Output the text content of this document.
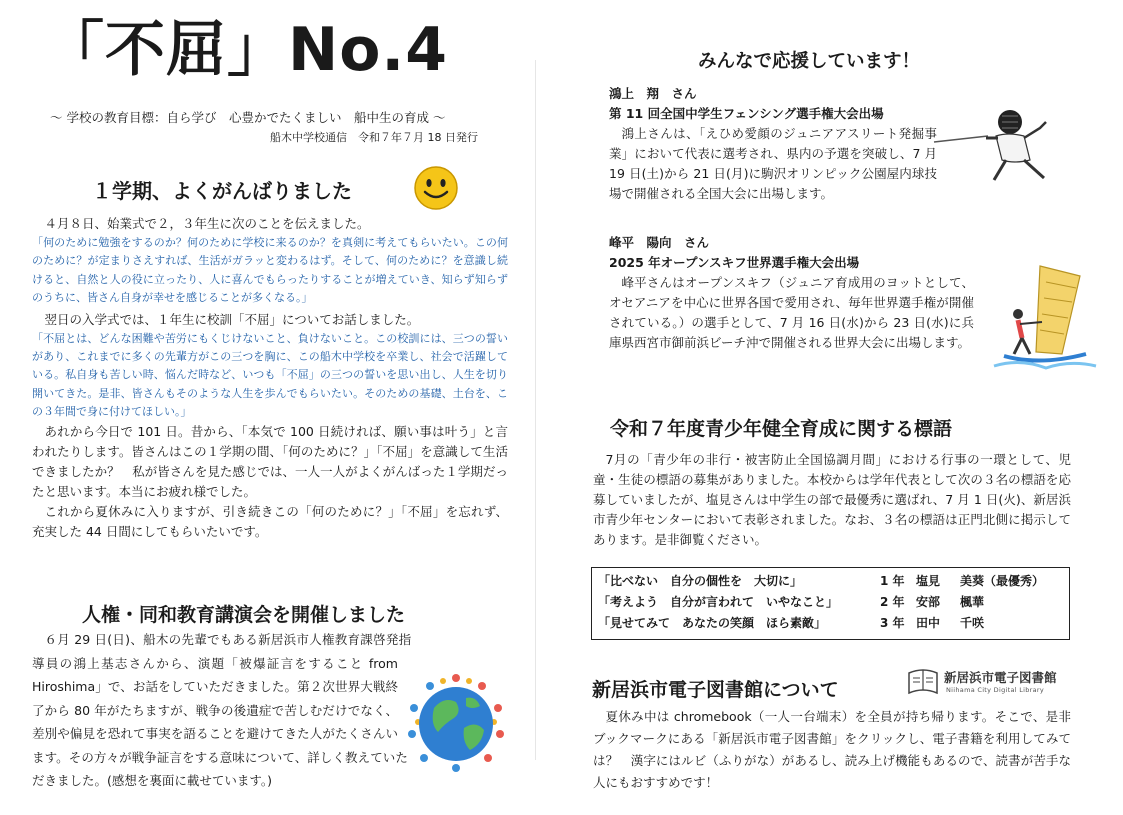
「不屈」No.4
～ 学校の教育目標：自ら学び　心豊かでたくましい　船中生の育成 ～
船木中学校通信　令和７年７月 18 日発行
１学期、よくがんばりました

４月８日、始業式で２，３年生に次のことを伝えました。

「何のために勉強をするのか？何のために学校に来るのか？を真剣に考えてもらいたい。この何のために？が定まりさえすれば、生活がガラッと変わるはず。そして、何のために？を意識し続けると、自然と人の役に立ったり、人に喜んでもらったりすることが増えていき、知らず知らずのうちに、皆さん自身が幸せを感じることが多くなる。」

翌日の入学式では、１年生に校訓「不屈」についてお話しました。

「不屈とは、どんな困難や苦労にもくじけないこと、負けないこと。この校訓には、三つの誓いがあり、これまでに多くの先輩方がこの三つを胸に、この船木中学校を卒業し、社会で活躍している。私自身も苦しい時、悩んだ時など、いつも「不屈」の三つの誓いを思い出し、人生を切り開いてきた。是非、皆さんもそのような人生を歩んでもらいたい。そのための基礎、土台を、この３年間で身に付けてほしい。」

あれから今日で 101 日。昔から、「本気で 100 日続ければ、願い事は叶う」と言われたりします。皆さんはこの１学期の間、「何のために？」「不屈」を意識して生活できましたか？　私が皆さんを見た感じでは、一人一人がよくがんばった１学期だったと思います。本当にお疲れ様でした。

これから夏休みに入りますが、引き続きこの「何のために？」「不屈」を忘れず、充実した 44 日間にしてもらいたいです。

人権・同和教育講演会を開催しました

６月 29 日(日)、船木の先輩でもある新居浜市人権教育課啓発指導員の鴻上基志さんから、演題「被爆証言をすること from Hiroshima」で、お話をしていただきました。第２次世界大戦終了から 80 年がたちますが、戦争の後遺症で苦しむだけでなく、差別や偏見を恐れて事実を語ることを避けてきた人がたくさんいます。その方々が戦争証言をする意味について、詳しく教えていただきました。(感想を裏面に載せています。)

みんなで応援しています！

鴻上　翔　さん

第 11 回全国中学生フェンシング選手権大会出場

鴻上さんは、「えひめ愛顔のジュニアアスリート発掘事業」において代表に選考され、県内の予選を突破し、7 月 19 日(土)から 21 日(月)に駒沢オリンピック公園屋内球技場で開催される全国大会に出場します。

峰平　陽向　さん

2025 年オープンスキフ世界選手権大会出場

峰平さんはオープンスキフ（ジュニア育成用のヨットとして、オセアニアを中心に世界各国で愛用され、毎年世界選手権が開催されている。）の選手として、7 月 16 日(水)から 23 日(水)に兵庫県西宮市御前浜ビーチ沖で開催される世界大会に出場します。

令和７年度青少年健全育成に関する標語

7月の「青少年の非行・被害防止全国協調月間」における行事の一環として、児童・生徒の標語の募集がありました。本校からは学年代表として次の３名の標語を応募していましたが、塩見さんは中学生の部で最優秀に選ばれ、7 月 1 日(火)、新居浜市青少年センターにおいて表彰されました。なお、３名の標語は正門北側に掲示してあります。是非御覧ください。

「比べない　自分の個性を　大切に」	1 年 塩見 美葵（最優秀）
「考えよう　自分が言われて　いやなこと」	2 年 安部 楓華
「見せてみて　あなたの笑顔　ほら素敵」	3 年 田中 千咲
新居浜市電子図書館について
新居浜市電子図書館
Niihama City Digital Library

夏休み中は chromebook（一人一台端末）を全員が持ち帰ります。そこで、是非ブックマークにある「新居浜市電子図書館」をクリックし、電子書籍を利用してみては？　漢字にはルビ（ふりがな）があるし、読み上げ機能もあるので、読書が苦手な人にもおすすめです！
